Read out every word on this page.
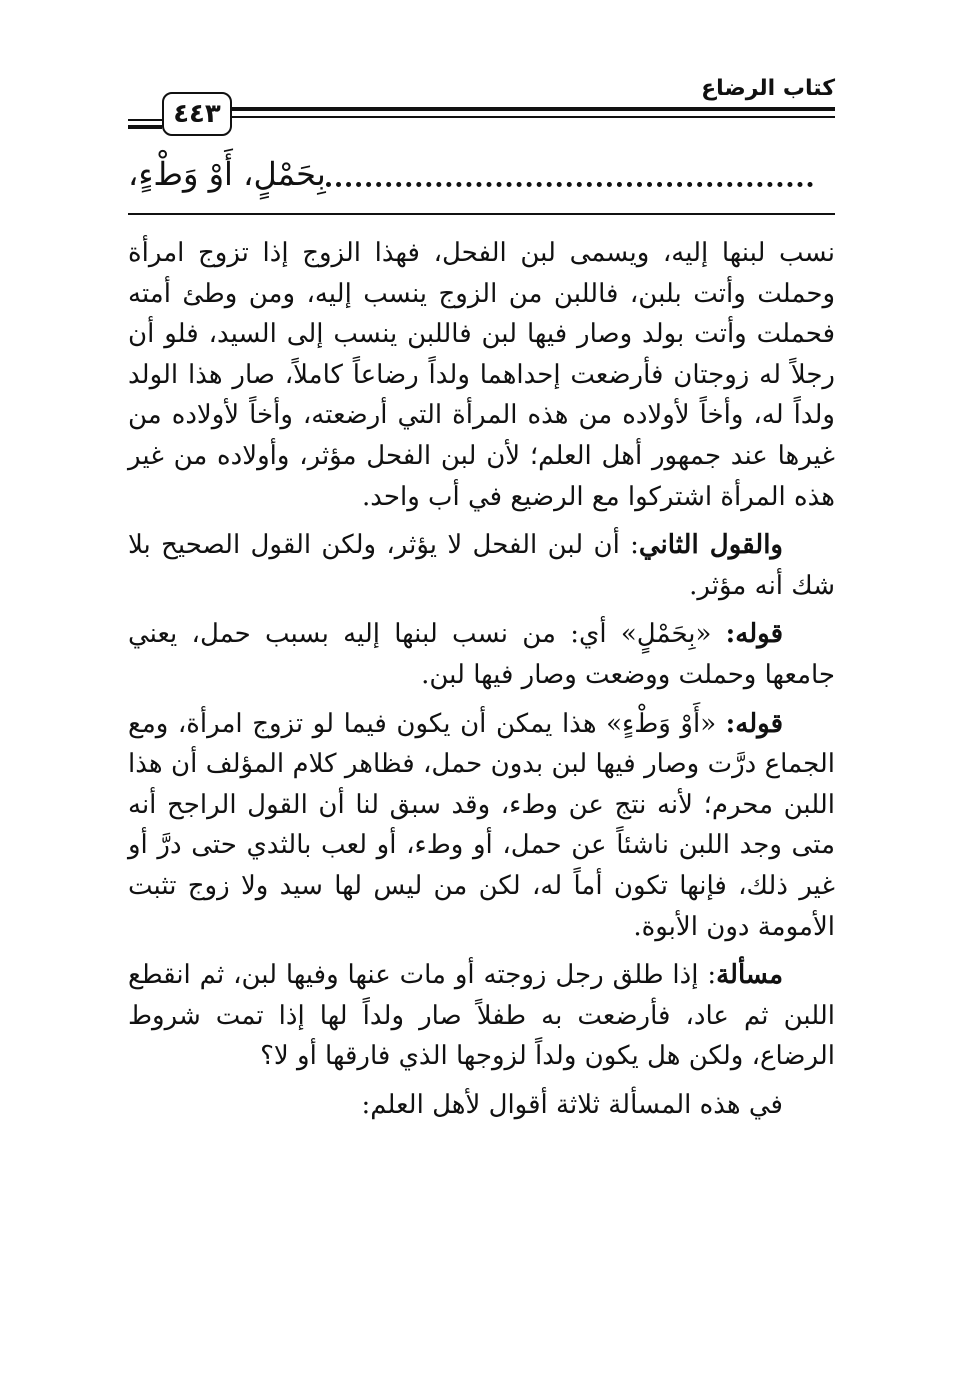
كتاب الرضاع
٤٤٣
بِحَمْلٍ، أَوْ وَطْءٍ،

نسب لبنها إليه، ويسمى لبن الفحل، فهذا الزوج إذا تزوج امرأة وحملت وأتت بلبن، فاللبن من الزوج ينسب إليه، ومن وطئ أمته فحملت وأتت بولد وصار فيها لبن فاللبن ينسب إلى السيد، فلو أن رجلاً له زوجتان فأرضعت إحداهما ولداً رضاعاً كاملاً، صار هذا الولد ولداً له، وأخاً لأولاده من هذه المرأة التي أرضعته، وأخاً لأولاده من غيرها عند جمهور أهل العلم؛ لأن لبن الفحل مؤثر، وأولاده من غير هذه المرأة اشتركوا مع الرضيع في أب واحد.

والقول الثاني: أن لبن الفحل لا يؤثر، ولكن القول الصحيح بلا شك أنه مؤثر.

قوله: «بِحَمْلٍ» أي: من نسب لبنها إليه بسبب حمل، يعني جامعها وحملت ووضعت وصار فيها لبن.

قوله: «أَوْ وَطْءٍ» هذا يمكن أن يكون فيما لو تزوج امرأة، ومع الجماع درَّت وصار فيها لبن بدون حمل، فظاهر كلام المؤلف أن هذا اللبن محرم؛ لأنه نتج عن وطء، وقد سبق لنا أن القول الراجح أنه متى وجد اللبن ناشئاً عن حمل، أو وطء، أو لعب بالثدي حتى درَّ أو غير ذلك، فإنها تكون أماً له، لكن من ليس لها سيد ولا زوج تثبت الأمومة دون الأبوة.

مسألة: إذا طلق رجل زوجته أو مات عنها وفيها لبن، ثم انقطع اللبن ثم عاد، فأرضعت به طفلاً صار ولداً لها إذا تمت شروط الرضاع، ولكن هل يكون ولداً لزوجها الذي فارقها أو لا؟

في هذه المسألة ثلاثة أقوال لأهل العلم:
